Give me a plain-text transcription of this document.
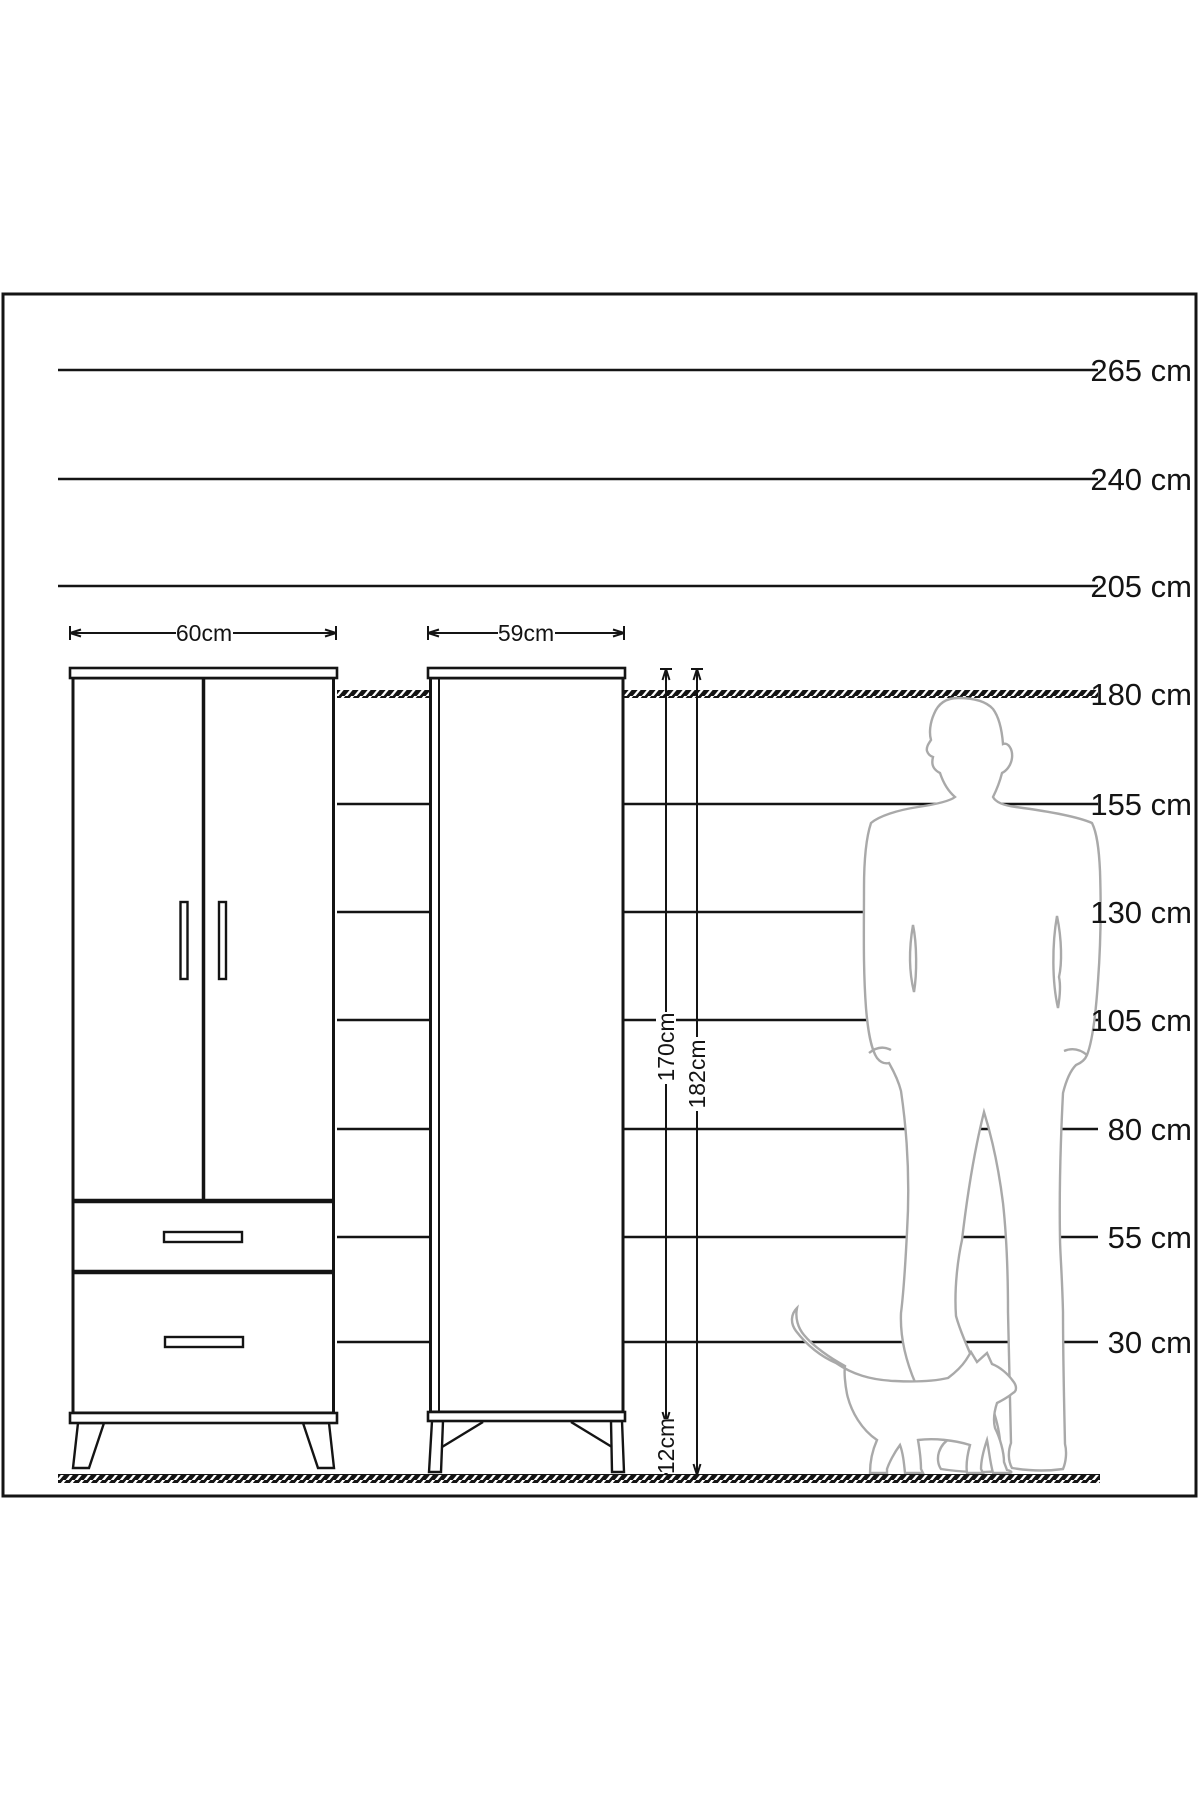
60cm	59cm
170cm 182cm
12cm
265 cm
240 cm
205 cm
180 cm
155 cm
130 cm
105 cm
80 cm
55 cm
30 cm
